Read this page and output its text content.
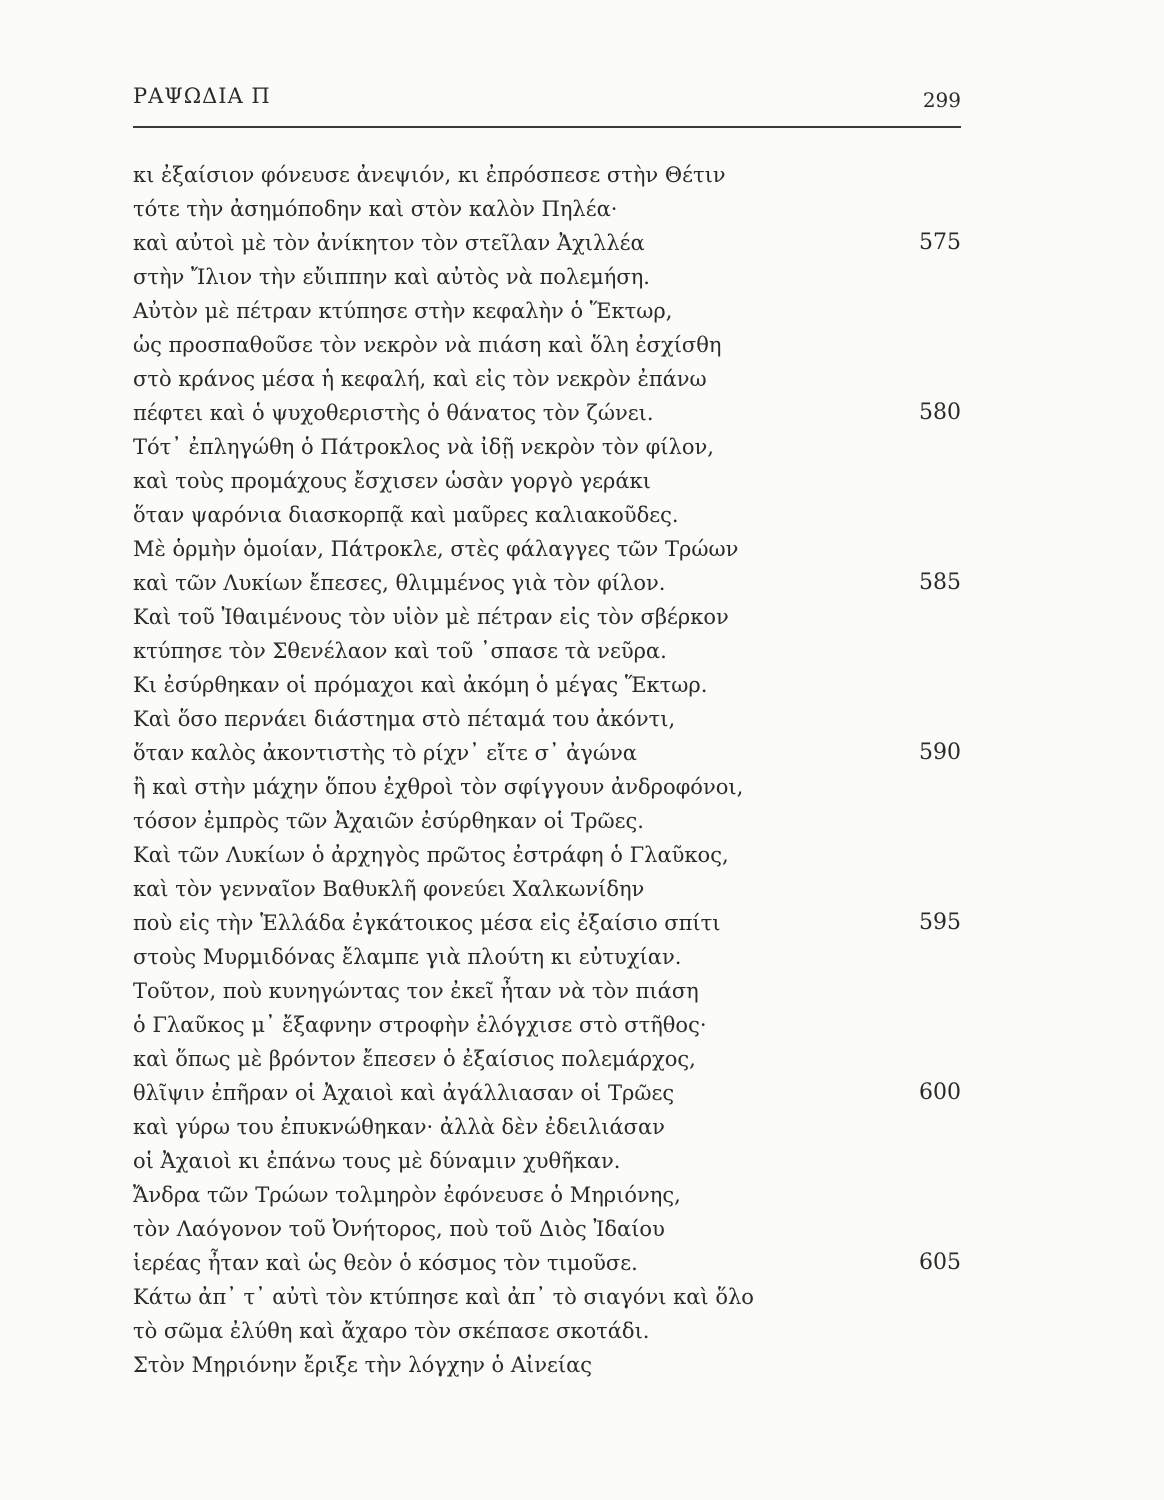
ΡΑΨΩΔΙΑ Π	299
κι ἐξαίσιον φόνευσε ἀνεψιόν, κι ἐπρόσπεσε στὴν Θέτιν
τότε τὴν ἀσημόποδην καὶ στὸν καλὸν Πηλέα·
καὶ αὐτοὶ μὲ τὸν ἀνίκητον τὸν στεῖλαν Ἀχιλλέα	575
στὴν Ἴλιον τὴν εὔιππην καὶ αὐτὸς νὰ πολεμήση.
Αὐτὸν μὲ πέτραν κτύπησε στὴν κεφαλὴν ὁ Ἕκτωρ,
ὡς προσπαθοῦσε τὸν νεκρὸν νὰ πιάση καὶ ὅλη ἐσχίσθη
στὸ κράνος μέσα ἡ κεφαλή, καὶ εἰς τὸν νεκρὸν ἐπάνω
πέφτει καὶ ὁ ψυχοθεριστὴς ὁ θάνατος τὸν ζώνει.	580
Τότ᾽ ἐπληγώθη ὁ Πάτροκλος νὰ ἰδῇ νεκρὸν τὸν φίλον,
καὶ τοὺς προμάχους ἔσχισεν ὡσὰν γοργὸ γεράκι
ὅταν ψαρόνια διασκορπᾷ καὶ μαῦρες καλιακοῦδες.
Μὲ ὁρμὴν ὁμοίαν, Πάτροκλε, στὲς φάλαγγες τῶν Τρώων
καὶ τῶν Λυκίων ἔπεσες, θλιμμένος γιὰ τὸν φίλον.	585
Καὶ τοῦ Ἰθαιμένους τὸν υἱὸν μὲ πέτραν εἰς τὸν σβέρκον
κτύπησε τὸν Σθενέλαον καὶ τοῦ ᾽σπασε τὰ νεῦρα.
Κι ἐσύρθηκαν οἱ πρόμαχοι καὶ ἀκόμη ὁ μέγας Ἕκτωρ.
Καὶ ὅσο περνάει διάστημα στὸ πέταμά του ἀκόντι,
ὅταν καλὸς ἀκοντιστὴς τὸ ρίχν᾽ εἴτε σ᾽ ἀγώνα	590
ἢ καὶ στὴν μάχην ὅπου ἐχθροὶ τὸν σφίγγουν ἀνδροφόνοι,
τόσον ἐμπρὸς τῶν Ἀχαιῶν ἐσύρθηκαν οἱ Τρῶες.
Καὶ τῶν Λυκίων ὁ ἀρχηγὸς πρῶτος ἐστράφη ὁ Γλαῦκος,
καὶ τὸν γενναῖον Βαθυκλῆ φονεύει Χαλκωνίδην
ποὺ εἰς τὴν Ἑλλάδα ἐγκάτοικος μέσα εἰς ἐξαίσιο σπίτι	595
στοὺς Μυρμιδόνας ἔλαμπε γιὰ πλούτη κι εὐτυχίαν.
Τοῦτον, ποὺ κυνηγώντας τον ἐκεῖ ἦταν νὰ τὸν πιάση
ὁ Γλαῦκος μ᾽ ἔξαφνην στροφὴν ἐλόγχισε στὸ στῆθος·
καὶ ὅπως μὲ βρόντον ἔπεσεν ὁ ἐξαίσιος πολεμάρχος,
θλῖψιν ἐπῆραν οἱ Ἀχαιοὶ καὶ ἀγάλλιασαν οἱ Τρῶες	600
καὶ γύρω του ἐπυκνώθηκαν· ἀλλὰ δὲν ἐδειλιάσαν
οἱ Ἀχαιοὶ κι ἐπάνω τους μὲ δύναμιν χυθῆκαν.
Ἄνδρα τῶν Τρώων τολμηρὸν ἐφόνευσε ὁ Μηριόνης,
τὸν Λαόγονον τοῦ Ὀνήτορος, ποὺ τοῦ Διὸς Ἰδαίου
ἱερέας ἦταν καὶ ὡς θεὸν ὁ κόσμος τὸν τιμοῦσε.	605
Κάτω ἀπ᾽ τ᾽ αὐτὶ τὸν κτύπησε καὶ ἀπ᾽ τὸ σιαγόνι καὶ ὅλο
τὸ σῶμα ἐλύθη καὶ ἄχαρο τὸν σκέπασε σκοτάδι.
Στὸν Μηριόνην ἔριξε τὴν λόγχην ὁ Αἰνείας
